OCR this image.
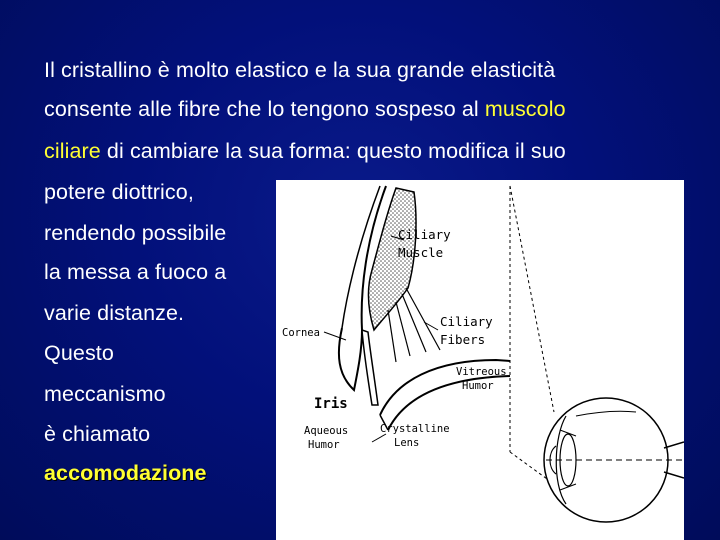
Il cristallino è molto elastico e la sua grande elasticità
consente alle fibre che lo tengono sospeso al muscolo
ciliare di cambiare la sua forma: questo modifica il suo
potere diottrico,
rendendo possibile
la messa a fuoco a
varie distanze.
Questo
meccanismo
è chiamato
accomodazione
Ciliary
Muscle
Cornea
Ciliary
Fibers
Vitreous
Humor
Iris
Aqueous
Humor
Crystalline
Lens
